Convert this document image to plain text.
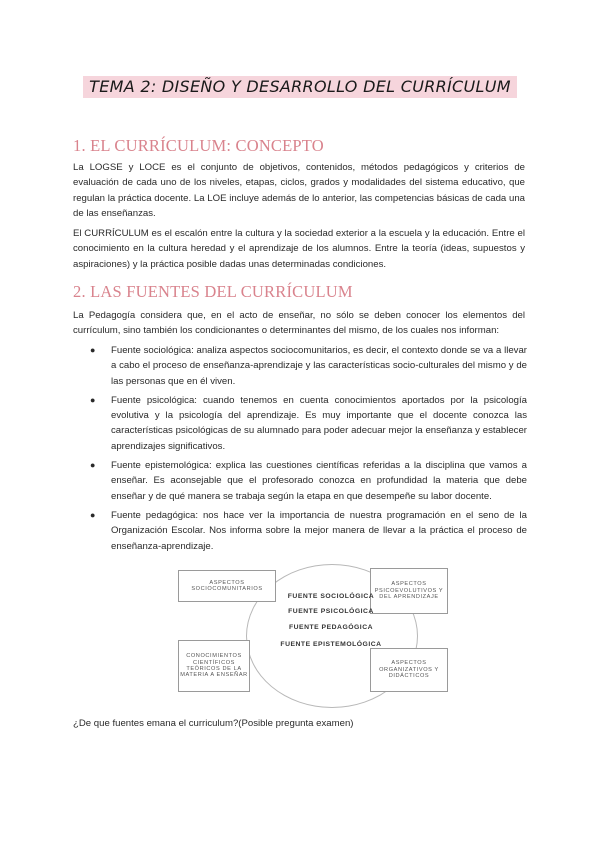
TEMA 2: DISEÑO Y DESARROLLO DEL CURRÍCULUM
1. EL CURRÍCULUM: CONCEPTO

La LOGSE y LOCE es el conjunto de objetivos, contenidos, métodos pedagógicos y criterios de evaluación de cada uno de los niveles, etapas, ciclos, grados y modalidades del sistema educativo, que regulan la práctica docente. La LOE incluye además de lo anterior, las competencias básicas de cada una de las enseñanzas.

El CURRÍCULUM es el escalón entre la cultura y la sociedad exterior a la escuela y la educación. Entre el conocimiento en la cultura heredad y el aprendizaje de los alumnos. Entre la teoría (ideas, supuestos y aspiraciones) y la práctica posible dadas unas determinadas condiciones.

2. LAS FUENTES DEL CURRÍCULUM

La Pedagogía considera que, en el acto de enseñar, no sólo se deben conocer los elementos del currículum, sino también los condicionantes o determinantes del mismo, de los cuales nos informan:

● Fuente sociológica: analiza aspectos sociocomunitarios, es decir, el contexto donde se va a llevar a cabo el proceso de enseñanza-aprendizaje y las características socio-culturales del mismo y de las personas que en él viven.
● Fuente psicológica: cuando tenemos en cuenta conocimientos aportados por la psicología evolutiva y la psicología del aprendizaje. Es muy importante que el docente conozca las características psicológicas de su alumnado para poder adecuar mejor la enseñanza y establecer aprendizajes significativos.
● Fuente epistemológica: explica las cuestiones científicas referidas a la disciplina que vamos a enseñar. Es aconsejable que el profesorado conozca en profundidad la materia que debe enseñar y de qué manera se trabaja según la etapa en que desempeñe su labor docente.
● Fuente pedagógica: nos hace ver la importancia de nuestra programación en el seno de la Organización Escolar. Nos informa sobre la mejor manera de llevar a la práctica el proceso de enseñanza-aprendizaje.
ASPECTOS SOCIOCOMUNITARIOS
ASPECTOS PSICOEVOLUTIVOS Y DEL APRENDIZAJE
CONOCIMIENTOS CIENTÍFICOS TEÓRICOS DE LA MATERIA A ENSEÑAR
ASPECTOS ORGANIZATIVOS Y DIDÁCTICOS
FUENTE SOCIOLÓGICA
FUENTE PSICOLÓGICA
FUENTE PEDAGÓGICA
FUENTE EPISTEMOLÓGICA
¿De que fuentes emana el curriculum?(Posible pregunta examen)
